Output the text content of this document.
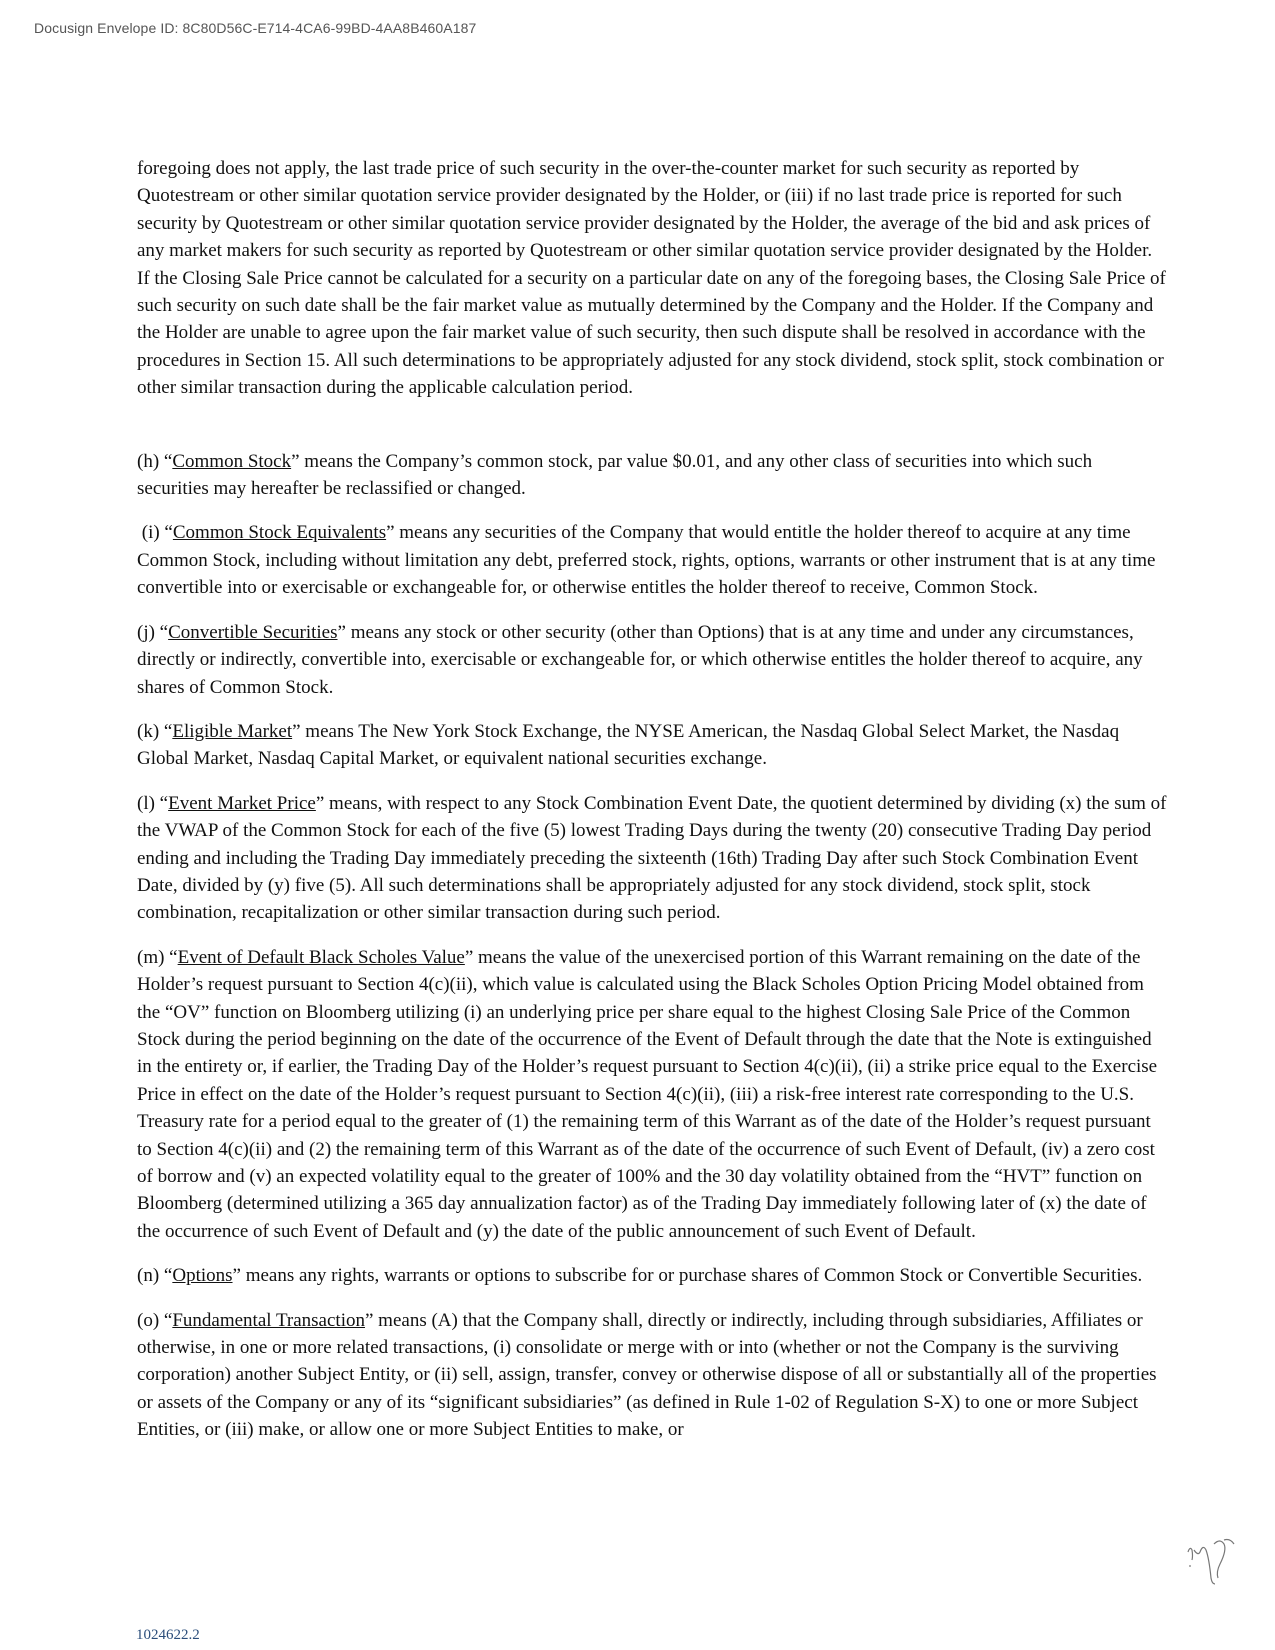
Docusign Envelope ID: 8C80D56C-E714-4CA6-99BD-4AA8B460A187

foregoing does not apply, the last trade price of such security in the over-the-counter market for such security as reported by Quotestream or other similar quotation service provider designated by the Holder, or (iii) if no last trade price is reported for such security by Quotestream or other similar quotation service provider designated by the Holder, the average of the bid and ask prices of any market makers for such security as reported by Quotestream or other similar quotation service provider designated by the Holder. If the Closing Sale Price cannot be calculated for a security on a particular date on any of the foregoing bases, the Closing Sale Price of such security on such date shall be the fair market value as mutually determined by the Company and the Holder. If the Company and the Holder are unable to agree upon the fair market value of such security, then such dispute shall be resolved in accordance with the procedures in Section 15. All such determinations to be appropriately adjusted for any stock dividend, stock split, stock combination or other similar transaction during the applicable calculation period.

(h) “Common Stock” means the Company’s common stock, par value $0.01, and any other class of securities into which such securities may hereafter be reclassified or changed.

(i) “Common Stock Equivalents” means any securities of the Company that would entitle the holder thereof to acquire at any time Common Stock, including without limitation any debt, preferred stock, rights, options, warrants or other instrument that is at any time convertible into or exercisable or exchangeable for, or otherwise entitles the holder thereof to receive, Common Stock.

(j) “Convertible Securities” means any stock or other security (other than Options) that is at any time and under any circumstances, directly or indirectly, convertible into, exercisable or exchangeable for, or which otherwise entitles the holder thereof to acquire, any shares of Common Stock.

(k) “Eligible Market” means The New York Stock Exchange, the NYSE American, the Nasdaq Global Select Market, the Nasdaq Global Market, Nasdaq Capital Market, or equivalent national securities exchange.

(l) “Event Market Price” means, with respect to any Stock Combination Event Date, the quotient determined by dividing (x) the sum of the VWAP of the Common Stock for each of the five (5) lowest Trading Days during the twenty (20) consecutive Trading Day period ending and including the Trading Day immediately preceding the sixteenth (16th) Trading Day after such Stock Combination Event Date, divided by (y) five (5). All such determinations shall be appropriately adjusted for any stock dividend, stock split, stock combination, recapitalization or other similar transaction during such period.

(m) “Event of Default Black Scholes Value” means the value of the unexercised portion of this Warrant remaining on the date of the Holder’s request pursuant to Section 4(c)(ii), which value is calculated using the Black Scholes Option Pricing Model obtained from the “OV” function on Bloomberg utilizing (i) an underlying price per share equal to the highest Closing Sale Price of the Common Stock during the period beginning on the date of the occurrence of the Event of Default through the date that the Note is extinguished in the entirety or, if earlier, the Trading Day of the Holder’s request pursuant to Section 4(c)(ii), (ii) a strike price equal to the Exercise Price in effect on the date of the Holder’s request pursuant to Section 4(c)(ii), (iii) a risk-free interest rate corresponding to the U.S. Treasury rate for a period equal to the greater of (1) the remaining term of this Warrant as of the date of the Holder’s request pursuant to Section 4(c)(ii) and (2) the remaining term of this Warrant as of the date of the occurrence of such Event of Default, (iv) a zero cost of borrow and (v) an expected volatility equal to the greater of 100% and the 30 day volatility obtained from the “HVT” function on Bloomberg (determined utilizing a 365 day annualization factor) as of the Trading Day immediately following later of (x) the date of the occurrence of such Event of Default and (y) the date of the public announcement of such Event of Default.

(n) “Options” means any rights, warrants or options to subscribe for or purchase shares of Common Stock or Convertible Securities.

(o) “Fundamental Transaction” means (A) that the Company shall, directly or indirectly, including through subsidiaries, Affiliates or otherwise, in one or more related transactions, (i) consolidate or merge with or into (whether or not the Company is the surviving corporation) another Subject Entity, or (ii) sell, assign, transfer, convey or otherwise dispose of all or substantially all of the properties or assets of the Company or any of its “significant subsidiaries” (as defined in Rule 1-02 of Regulation S-X) to one or more Subject Entities, or (iii) make, or allow one or more Subject Entities to make, or

1024622.2
